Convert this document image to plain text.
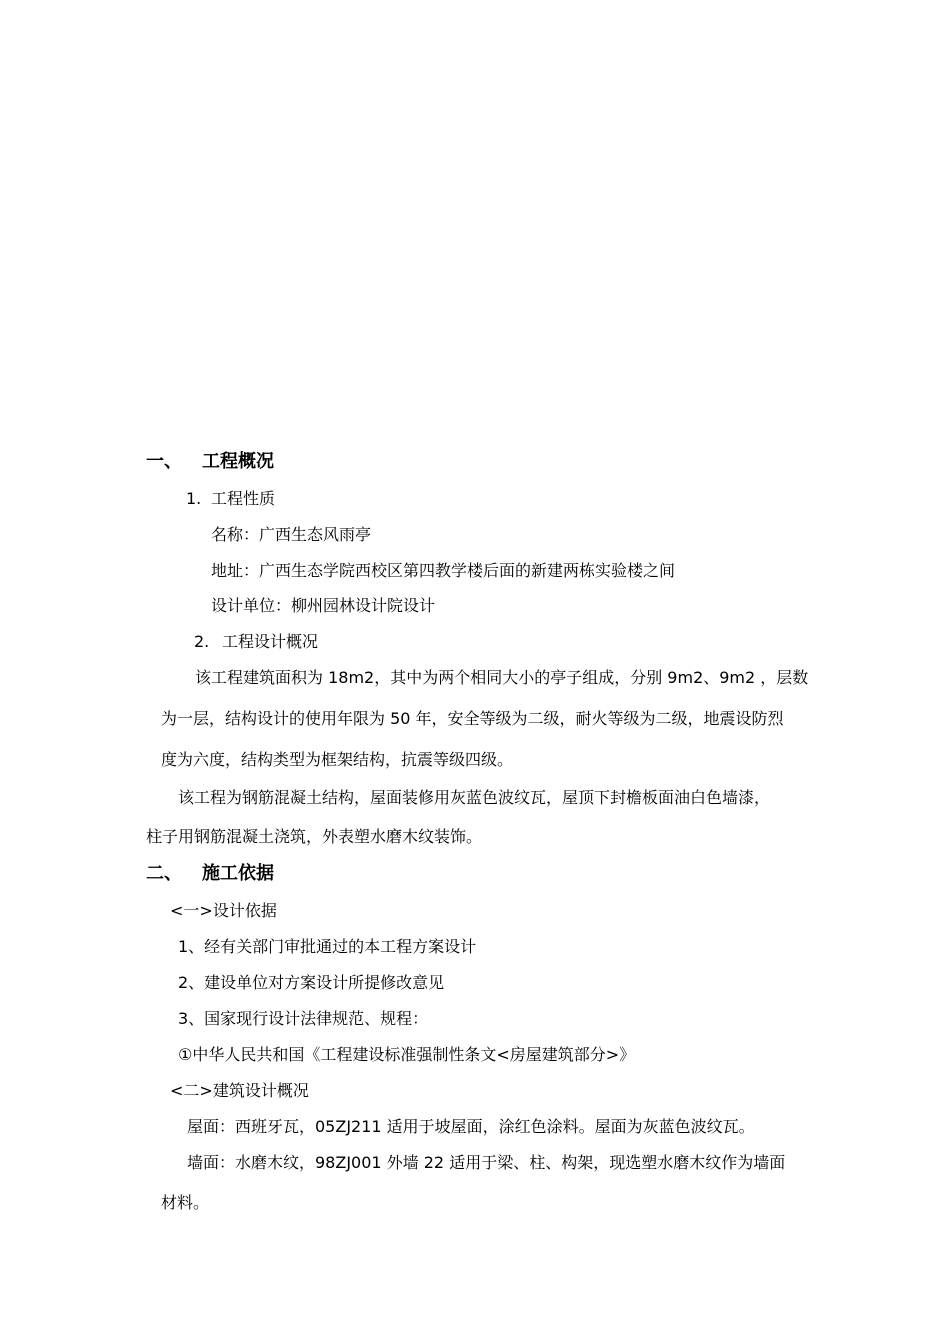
一、 工程概况
1. 工程性质
名称：广西生态风雨亭
地址：广西生态学院西校区第四教学楼后面的新建两栋实验楼之间
设计单位：柳州园林设计院设计
2. 工程设计概况
该工程建筑面积为 18m2，其中为两个相同大小的亭子组成，分别 9m2、9m2 ，层数
为一层，结构设计的使用年限为 50 年，安全等级为二级，耐火等级为二级，地震设防烈
度为六度，结构类型为框架结构，抗震等级四级。
该工程为钢筋混凝土结构，屋面装修用灰蓝色波纹瓦，屋顶下封檐板面油白色墙漆，
柱子用钢筋混凝土浇筑，外表塑水磨木纹装饰。
二、 施工依据
<一>设计依据
1、经有关部门审批通过的本工程方案设计
2、建设单位对方案设计所提修改意见
3、国家现行设计法律规范、规程：
①中华人民共和国《工程建设标准强制性条文<房屋建筑部分>》
<二>建筑设计概况
屋面：西班牙瓦，05ZJ211 适用于坡屋面，涂红色涂料。屋面为灰蓝色波纹瓦。
墙面：水磨木纹，98ZJ001 外墙 22 适用于梁、柱、构架，现选塑水磨木纹作为墙面
材料。
